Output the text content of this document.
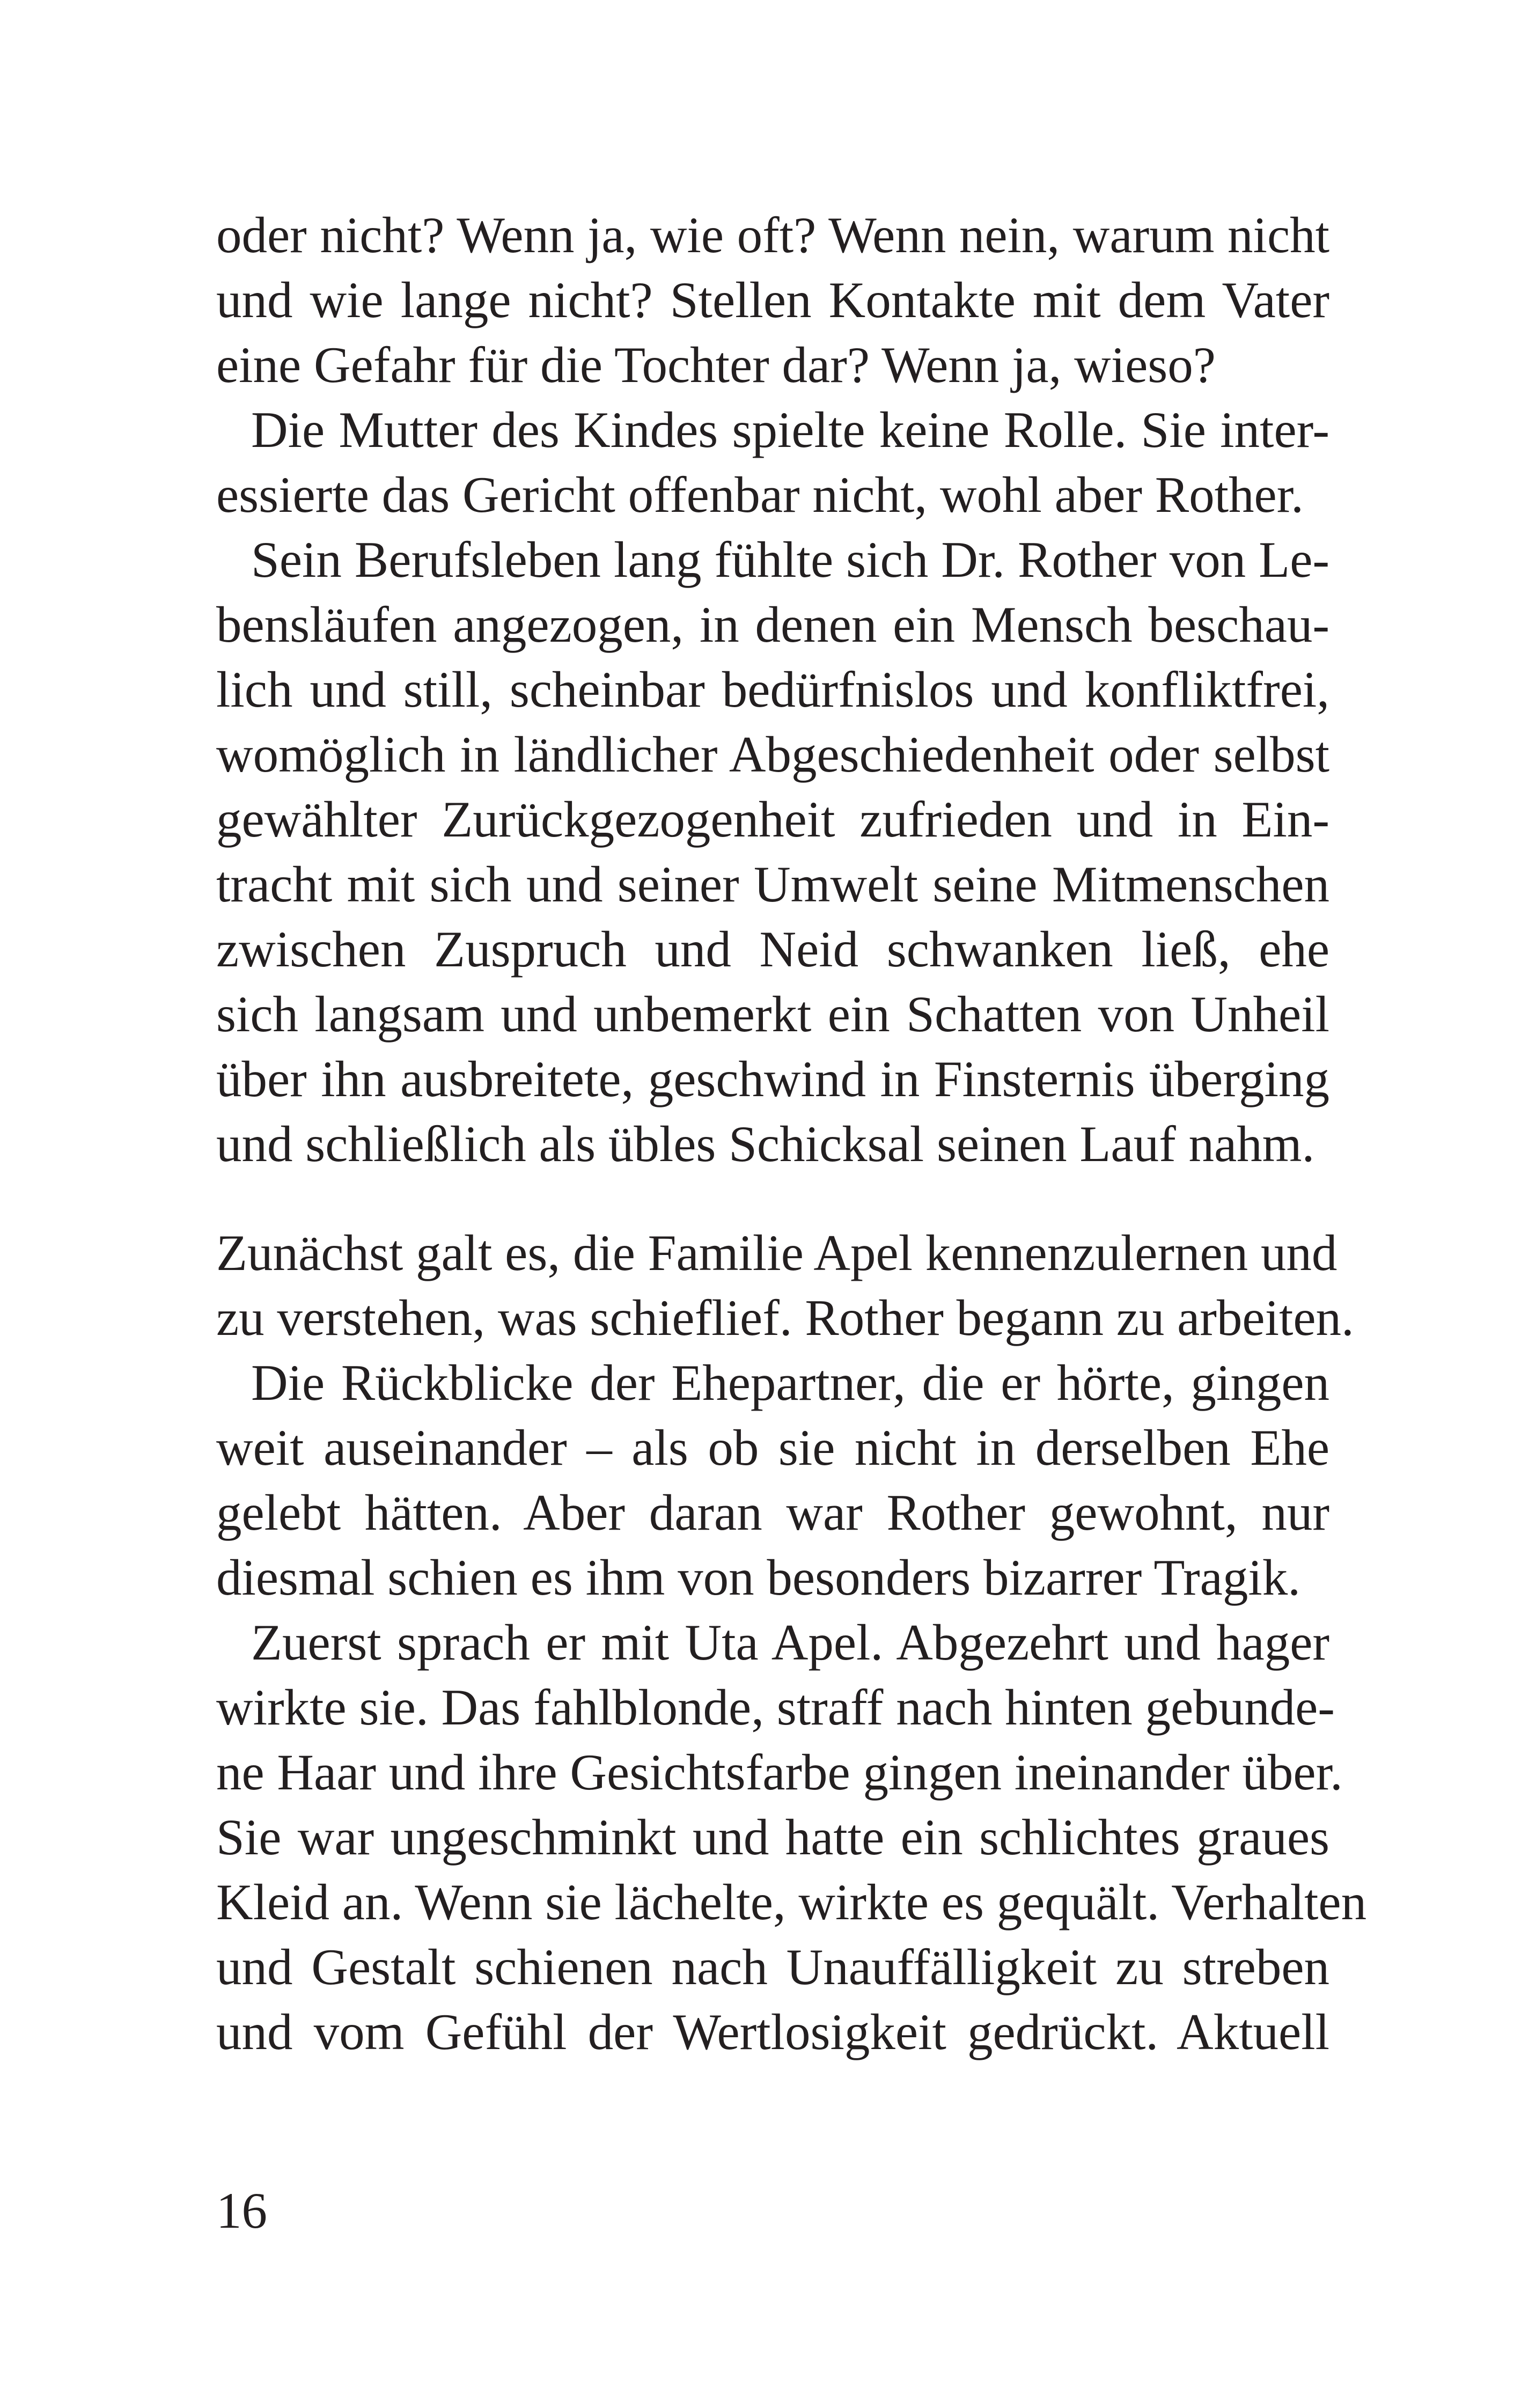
oder nicht? Wenn ja, wie oft? Wenn nein, warum nicht
und wie lange nicht? Stellen Kontakte mit dem Vater
eine Gefahr für die Tochter dar? Wenn ja, wieso?
Die Mutter des Kindes spielte keine Rolle. Sie inter-
essierte das Gericht offenbar nicht, wohl aber Rother.
Sein Berufsleben lang fühlte sich Dr. Rother von Le-
bensläufen angezogen, in denen ein Mensch beschau-
lich und still, scheinbar bedürfnislos und konfliktfrei,
womöglich in ländlicher Abgeschiedenheit oder selbst
gewählter Zurückgezogenheit zufrieden und in Ein-
tracht mit sich und seiner Umwelt seine Mitmenschen
zwischen Zuspruch und Neid schwanken ließ, ehe
sich langsam und unbemerkt ein Schatten von Unheil
über ihn ausbreitete, geschwind in Finsternis überging
und schließlich als übles Schicksal seinen Lauf nahm.
Zunächst galt es, die Familie Apel kennenzulernen und
zu verstehen, was schieflief. Rother begann zu arbeiten.
Die Rückblicke der Ehepartner, die er hörte, gingen
weit auseinander – als ob sie nicht in derselben Ehe
gelebt hätten. Aber daran war Rother gewohnt, nur
diesmal schien es ihm von besonders bizarrer Tragik.
Zuerst sprach er mit Uta Apel. Abgezehrt und hager
wirkte sie. Das fahlblonde, straff nach hinten gebunde-
ne Haar und ihre Gesichtsfarbe gingen ineinander über.
Sie war ungeschminkt und hatte ein schlichtes graues
Kleid an. Wenn sie lächelte, wirkte es gequält. Verhalten
und Gestalt schienen nach Unauffälligkeit zu streben
und vom Gefühl der Wertlosigkeit gedrückt. Aktuell
16
